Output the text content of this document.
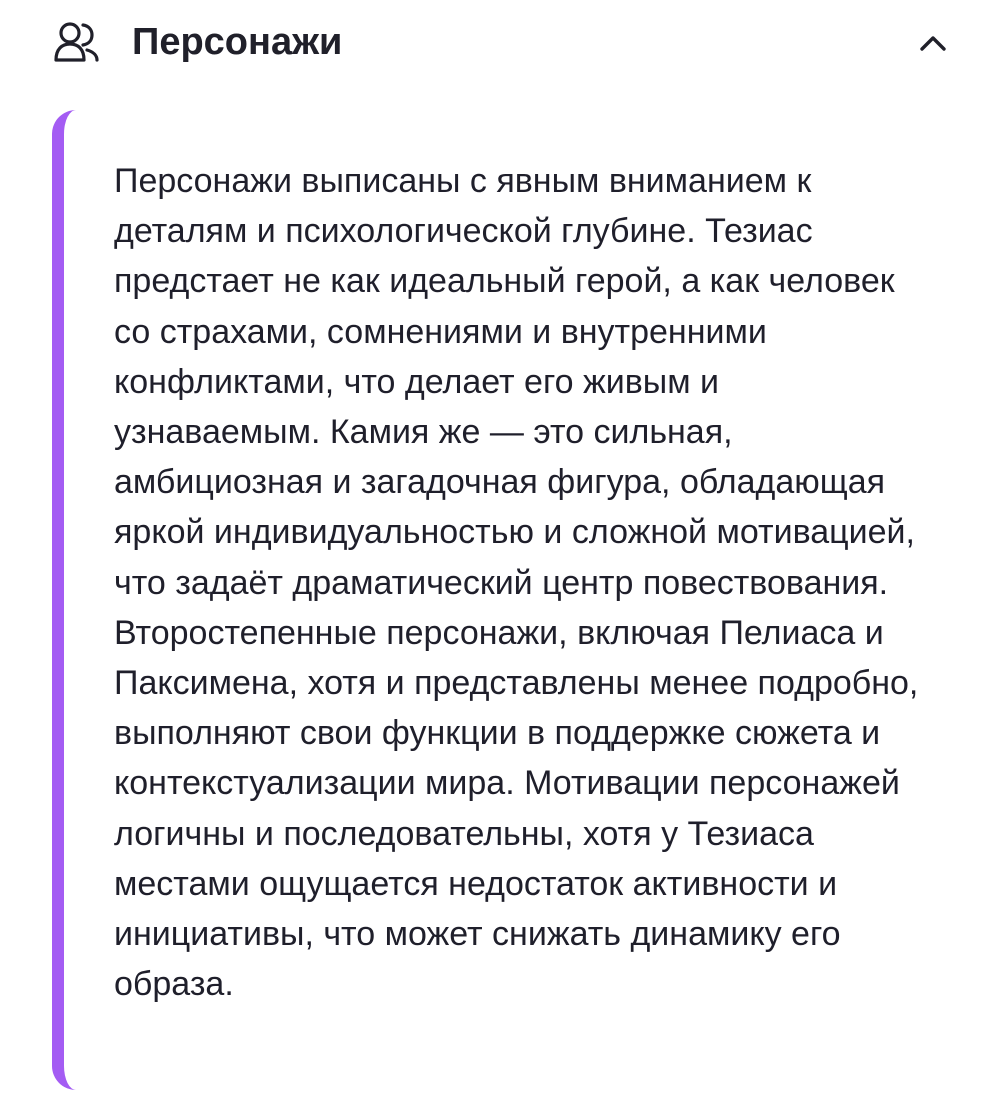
Персонажи

Персонажи выписаны с явным вниманием к деталям и психологической глубине. Тезиас предстает не как идеальный герой, а как человек со страхами, сомнениями и внутренними конфликтами, что делает его живым и узнаваемым. Камия же — это сильная, амбициозная и загадочная фигура, обладающая яркой индивидуальностью и сложной мотивацией, что задаёт драматический центр повествования. Второстепенные персонажи, включая Пелиаса и Паксимена, хотя и представлены менее подробно, выполняют свои функции в поддержке сюжета и контекстуализации мира. Мотивации персонажей логичны и последовательны, хотя у Тезиаса местами ощущается недостаток активности и инициативы, что может снижать динамику его образа.
